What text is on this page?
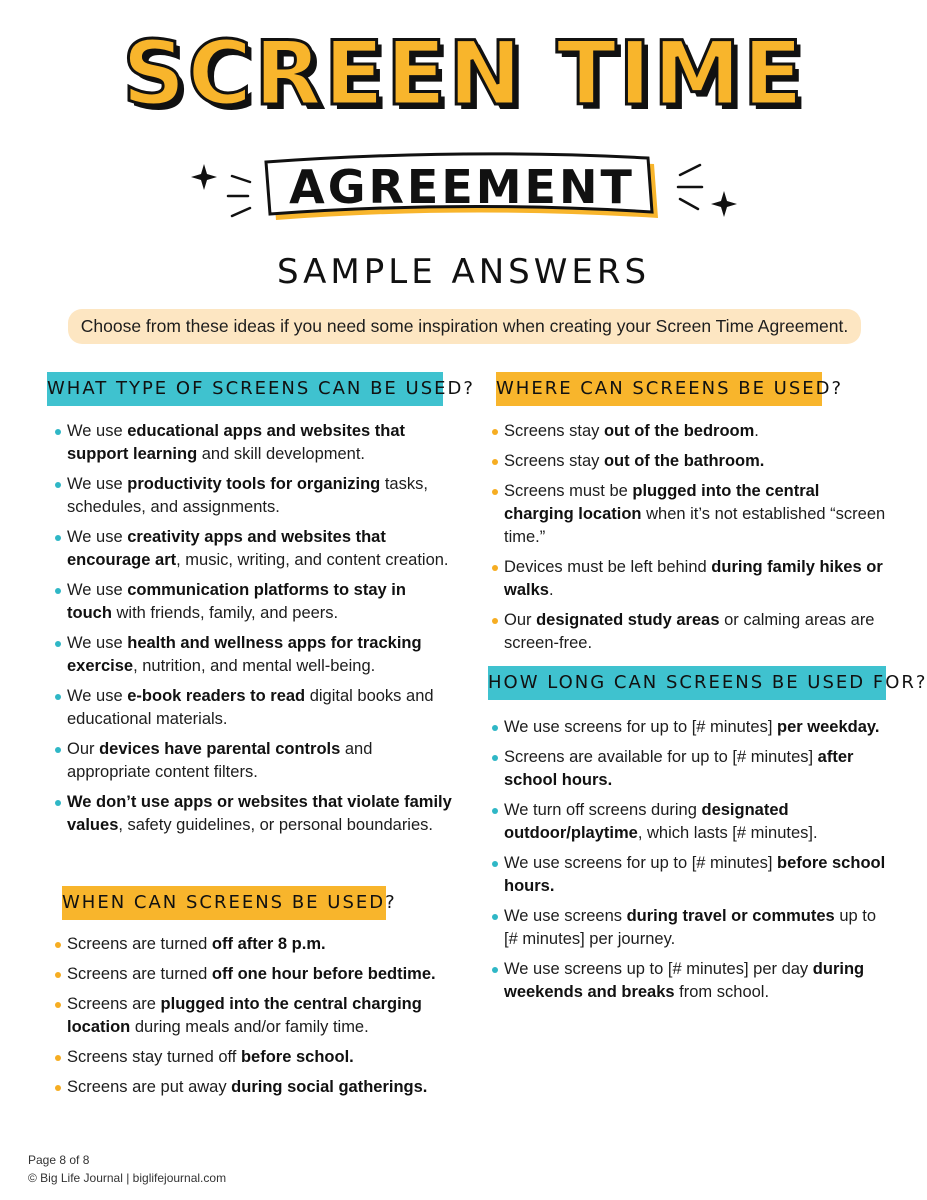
SCREEN TIME
AGREEMENT
SAMPLE ANSWERS
Choose from these ideas if you need some inspiration when creating your Screen Time Agreement.
WHAT TYPE OF SCREENS CAN BE USED?
We use educational apps and websites that support learning and skill development.
We use productivity tools for organizing tasks, schedules, and assignments.
We use creativity apps and websites that encourage art, music, writing, and content creation.
We use communication platforms to stay in touch with friends, family, and peers.
We use health and wellness apps for tracking exercise, nutrition, and mental well-being.
We use e-book readers to read digital books and educational materials.
Our devices have parental controls and appropriate content filters.
We don’t use apps or websites that violate family values, safety guidelines, or personal boundaries.
WHEN CAN SCREENS BE USED?
Screens are turned off after 8 p.m.
Screens are turned off one hour before bedtime.
Screens are plugged into the central charging location during meals and/or family time.
Screens stay turned off before school.
Screens are put away during social gatherings.
WHERE CAN SCREENS BE USED?
Screens stay out of the bedroom.
Screens stay out of the bathroom.
Screens must be plugged into the central charging location when it’s not established “screen time.”
Devices must be left behind during family hikes or walks.
Our designated study areas or calming areas are screen-free.
HOW LONG CAN SCREENS BE USED FOR?
We use screens for up to [# minutes] per weekday.
Screens are available for up to [# minutes] after school hours.
We turn off screens during designated outdoor/playtime, which lasts [# minutes].
We use screens for up to [# minutes] before school hours.
We use screens during travel or commutes up to [# minutes] per journey.
We use screens up to [# minutes] per day during weekends and breaks from school.
Page 8 of 8
© Big Life Journal | biglifejournal.com
